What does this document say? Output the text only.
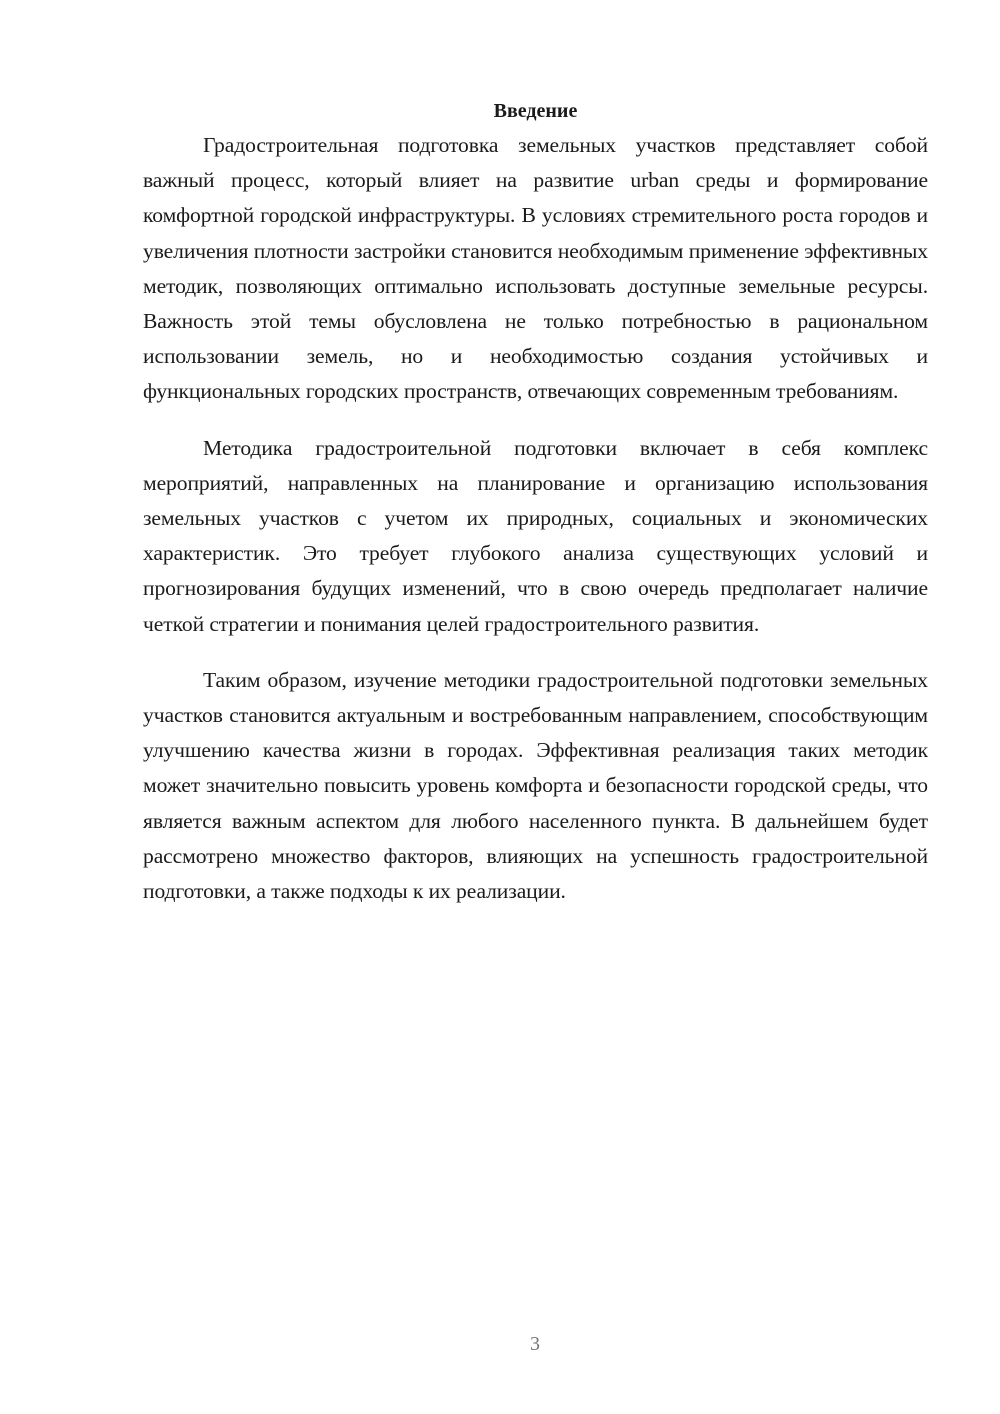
Введение

Градостроительная подготовка земельных участков представляет собой важный процесс, который влияет на развитие urban среды и формирование комфортной городской инфраструктуры. В условиях стремительного роста городов и увеличения плотности застройки становится необходимым применение эффективных методик, позволяющих оптимально использовать доступные земельные ресурсы. Важность этой темы обусловлена не только потребностью в рациональном использовании земель, но и необходимостью создания устойчивых и функциональных городских пространств, отвечающих современным требованиям.

Методика градостроительной подготовки включает в себя комплекс мероприятий, направленных на планирование и организацию использования земельных участков с учетом их природных, социальных и экономических характеристик. Это требует глубокого анализа существующих условий и прогнозирования будущих изменений, что в свою очередь предполагает наличие четкой стратегии и понимания целей градостроительного развития.

Таким образом, изучение методики градостроительной подготовки земельных участков становится актуальным и востребованным направлением, способствующим улучшению качества жизни в городах. Эффективная реализация таких методик может значительно повысить уровень комфорта и безопасности городской среды, что является важным аспектом для любого населенного пункта. В дальнейшем будет рассмотрено множество факторов, влияющих на успешность градостроительной подготовки, а также подходы к их реализации.

3
